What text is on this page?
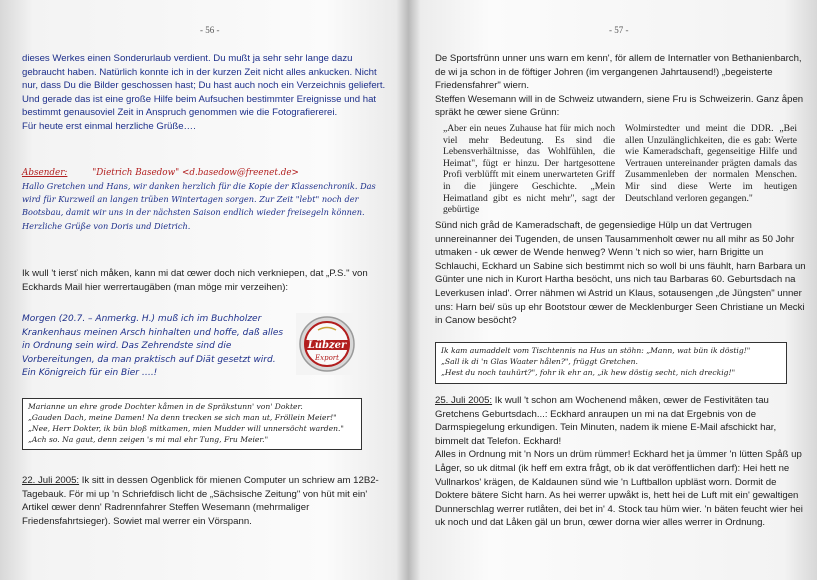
- 56 -

dieses Werkes einen Sonderurlaub verdient. Du mußt ja sehr sehr lange dazu gebraucht haben. Natürlich konnte ich in der kurzen Zeit nicht alles ankucken. Nicht nur, dass Du die Bilder geschossen hast; Du hast auch noch ein Verzeichnis geliefert. Und gerade das ist eine große Hilfe beim Aufsuchen bestimmter Ereignisse und hat bestimmt genausoviel Zeit in Anspruch genommen wie die Fotografiererei.

Für heute erst einmal herzliche Grüße….

Absender:	"Dietrich Basedow" <d.basedow@freenet.de>

Hallo Gretchen und Hans, wir danken herzlich für die Kopie der Klassenchronik. Das wird für Kurzweil an langen trüben Wintertagen sorgen. Zur Zeit "lebt" noch der Bootsbau, damit wir uns in der nächsten Saison endlich wieder freisegeln können. Herzliche Grüße von Doris und Dietrich.

Ik wull 't iersť nich måken, kann mi dat œwer doch nich verkniepen, dat „P.S." von Eckhards Mail hier werrertaugäben (man möge mir verzeihen):

Morgen (20.7. – Anmerkg. H.) muß ich im Buchholzer Krankenhaus meinen Arsch hinhalten und hoffe, daß alles in Ordnung sein wird. Das Zehrendste sind die Vorbereitungen, da man praktisch auf Diät gesetzt wird. Ein Königreich für ein Bier ….!

Lübzer
Export
Marianne un ehre grode Dochter kåmen in de Spräkstunn' von' Dokter.
„Gauden Dach, meine Damen! Na denn trecken se sich man ut, Fröllein Meier!"
„Nee, Herr Dokter, ik bün bloß mitkamen, mien Mudder will unnersöcht warden."
„Ach so. Na gaut, denn zeigen 's mi mal ehr Tung, Fru Meier."

22. Juli 2005: Ik sitt in dessen Ogenblick för mienen Computer un schriew am 12B2-Tagebauk. För mi up 'n Schriefdisch licht de „Sächsische Zeitung" von hüt mit ein' Artikel œwer denn' Radrennfahrer Steffen Wesemann (mehrmaliger Friedensfahrtsieger). Sowiet mal werrer ein Vörspann.

- 57 -

De Sportsfrünn unner uns warn em kenn', för allem de Internatler von Bethanienbarch, de wi ja schon in de föftiger Johren (im vergangenen Jahrtausend!) „begeisterte Friedensfahrer" wiern.

Steffen Wesemann will in de Schweiz utwandern, siene Fru is Schweizerin. Ganz åpen spräkt he œwer siene Grünn:

„Aber ein neues Zuhause hat für mich noch viel mehr Bedeutung. Es sind die Lebensverhältnisse, das Wohlfühlen, die Heimat", fügt er hinzu. Der hartgesottene Profi verblüfft mit einem unerwarteten Griff in die jüngere Geschichte. „Mein Heimatland gibt es nicht mehr", sagt der gebürtige

Wolmirstedter und meint die DDR. „Bei allen Unzulänglichkeiten, die es gab: Werte wie Kameradschaft, gegenseitige Hilfe und Vertrauen untereinander prägten damals das Zusammenleben der normalen Menschen. Mir sind diese Werte im heutigen Deutschland verloren gegangen."

Sünd nich gråd de Kameradschaft, de gegensiedige Hülp un dat Vertrugen unnereinanner dei Tugenden, de unsen Tausammenholt œwer nu all mihr as 50 Johr utmaken - uk œwer de Wende henweg? Wenn 't nich so wier, harn Brigitte un Schlauchi, Eckhard un Sabine sich bestimmt nich so woll bi uns fäuhlt, harn Barbara un Günter une nich in Kurort Hartha besöcht, uns nich tau Barbaras 60. Geburtsdach na Leverkusen inlad'. Orrer nähmen wi Astrid un Klaus, sotausengen „de Jüngsten" unner uns: Harn bei/ süs up ehr Bootstour œwer de Mecklenburger Seen Christiane un Mecki in Canow besöcht?

Ik kam aumaddelt vom Tischtennis na Hus un stöhn: „Mann, wat bün ik döstig!"
„Sall ik di 'n Glas Waater hålen?", früggt Gretchen.
„Hest du noch tauhürt?", fohr ik ehr an, „ik hew döstig secht, nich dreckig!"

25. Juli 2005: Ik wull 't schon am Wochenend måken, œwer de Festivitäten tau Gretchens Geburtsdach...: Eckhard anraupen un mi na dat Ergebnis von de Darmspiegelung erkundigen. Tein Minuten, nadem ik miene E-Mail afschickt har, bimmelt dat Telefon. Eckhard!

Alles in Ordnung mit 'n Nors un drüm rümmer! Eckhard het ja ümmer 'n lütten Spåß up Låger, so uk ditmal (ik heff em extra frågt, ob ik dat veröffentlichen darf): Hei hett ne Vullnarkos' krägen, de Kaldaunen sünd wie 'n Luftballon upbläst worn. Dormit de Doktere bätere Sicht harn. As hei werrer upwåkt is, hett hei de Luft mit ein' gewaltigen Dunnerschlag werrer rutlåten, dei bet in' 4. Stock tau hüm wier. 'n bäten feucht wier hei uk noch und dat Låken gäl un brun, œwer dorna wier alles werrer in Ordnung.
